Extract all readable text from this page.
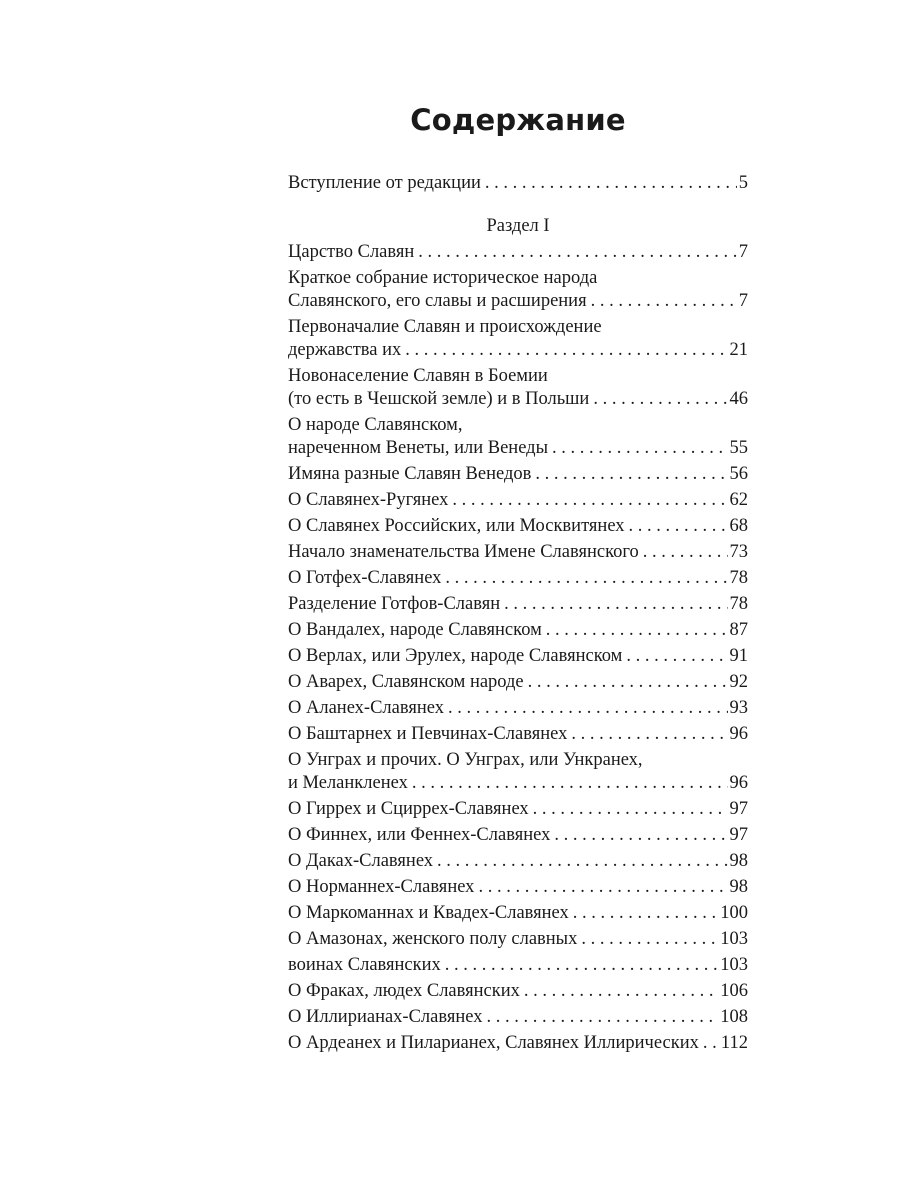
Содержание
Вступление от редакции . . .	5
Раздел I
Царство Славян . . .	7
Краткое собрание историческое народа
Славянского, его славы и расширения . . .	7
Первоначалие Славян и происхождение
державства их . . .	21
Новонаселение Славян в Боемии
(то есть в Чешской земле) и в Польши . . .	46
О народе Славянском,
нареченном Венеты, или Венеды . . .	55
Имяна разные Славян Венедов . . .	56
О Славянех-Ругянех . . .	62
О Славянех Российских, или Москвитянех . . .	68
Начало знаменательства Имене Славянского . . .	73
О Готфех-Славянех . . .	78
Разделение Готфов-Славян . . .	78
О Вандалех, народе Славянском . . .	87
О Верлах, или Эрулех, народе Славянском . . .	91
О Аварех, Славянском народе . . .	92
О Аланех-Славянех . . .	93
О Баштарнех и Певчинах-Славянех . . .	96
О Унграх и прочих. О Унграх, или Ункранех,
и Меланкленех . . .	96
О Гиррех и Сциррех-Славянех . . .	97
О Финнех, или Феннех-Славянех . . .	97
О Даках-Славянех . . .	98
О Норманнех-Славянех . . .	98
О Маркоманнах и Квадех-Славянех . . .	100
О Амазонах, женского полу славных . . .	103
воинах Славянских . . .	103
О Фраках, людех Славянских . . .	106
О Иллирианах-Славянех . . .	108
О Ардеанех и Пиларианех, Славянех Иллирических . . . 112
